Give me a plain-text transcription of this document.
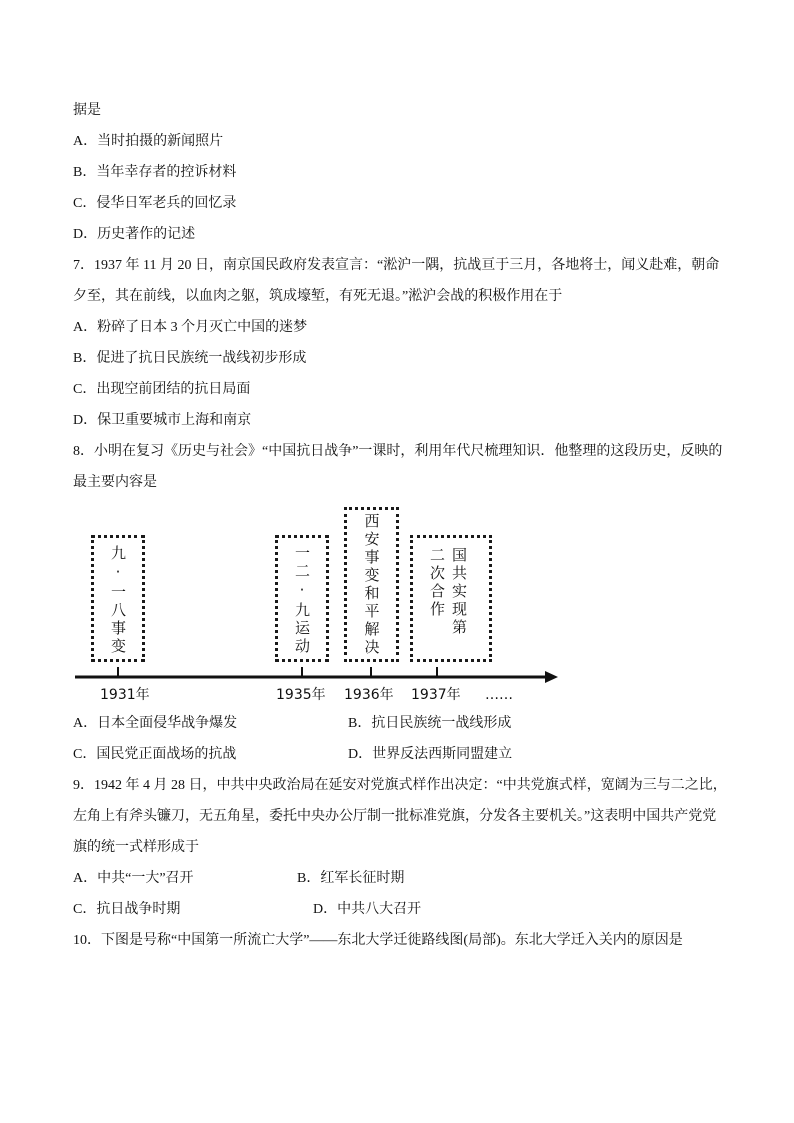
据是
A．当时拍摄的新闻照片
B．当年幸存者的控诉材料
C．侵华日军老兵的回忆录
D．历史著作的记述
7．1937 年 11 月 20 日，南京国民政府发表宣言：“淞沪一隅，抗战亘于三月，各地将士，闻义赴难，朝命
夕至，其在前线，以血肉之躯，筑成壕堑，有死无退。”淞沪会战的积极作用在于
A．粉碎了日本 3 个月灭亡中国的迷梦
B．促进了抗日民族统一战线初步形成
C．出现空前团结的抗日局面
D．保卫重要城市上海和南京
8．小明在复习《历史与社会》“中国抗日战争”一课时，利用年代尺梳理知识．他整理的这段历史，反映的
最主要内容是
九·一八事变	一二·九运动	西安事变和平解决	国共实现第
二次合作
1931年	1935年 1936年 1937年 ……
A．日本全面侵华战争爆发	B．抗日民族统一战线形成
C．国民党正面战场的抗战	D．世界反法西斯同盟建立
9．1942 年 4 月 28 日，中共中央政治局在延安对党旗式样作出决定：“中共党旗式样，宽阔为三与二之比，
左角上有斧头镰刀，无五角星，委托中央办公厅制一批标准党旗，分发各主要机关。”这表明中国共产党党
旗的统一式样形成于
A．中共“一大”召开	B．红军长征时期
C．抗日战争时期	D．中共八大召开
10．下图是号称“中国第一所流亡大学”——东北大学迁徙路线图(局部)。东北大学迁入关内的原因是
